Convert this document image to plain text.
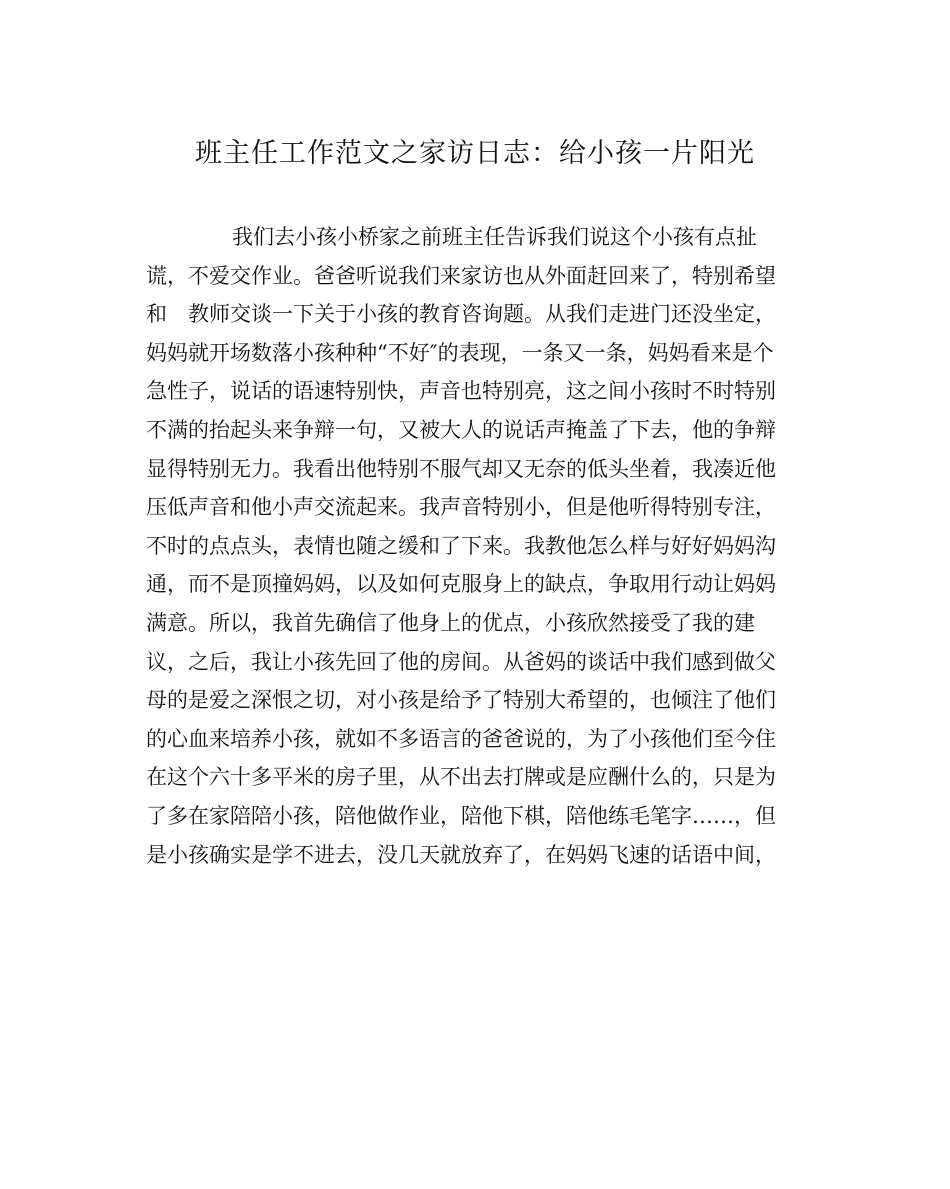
班主任工作范文之家访日志：给小孩一片阳光
我们去小孩小桥家之前班主任告诉我们说这个小孩有点扯
谎，不爱交作业。爸爸听说我们来家访也从外面赶回来了，特别希望
和　教师交谈一下关于小孩的教育咨询题。从我们走进门还没坐定，
妈妈就开场数落小孩种种“不好″的表现，一条又一条，妈妈看来是个
急性子，说话的语速特别快，声音也特别亮，这之间小孩时不时特别
不满的抬起头来争辩一句，又被大人的说话声掩盖了下去，他的争辩
显得特别无力。我看出他特别不服气却又无奈的低头坐着，我凑近他
压低声音和他小声交流起来。我声音特别小，但是他听得特别专注，
不时的点点头，表情也随之缓和了下来。我教他怎么样与好好妈妈沟
通，而不是顶撞妈妈，以及如何克服身上的缺点，争取用行动让妈妈
满意。所以，我首先确信了他身上的优点，小孩欣然接受了我的建
议，之后，我让小孩先回了他的房间。从爸妈的谈话中我们感到做父
母的是爱之深恨之切，对小孩是给予了特别大希望的，也倾注了他们
的心血来培养小孩，就如不多语言的爸爸说的，为了小孩他们至今住
在这个六十多平米的房子里，从不出去打牌或是应酬什么的，只是为
了多在家陪陪小孩，陪他做作业，陪他下棋，陪他练毛笔字……，但
是小孩确实是学不进去，没几天就放弃了，在妈妈飞速的话语中间，
